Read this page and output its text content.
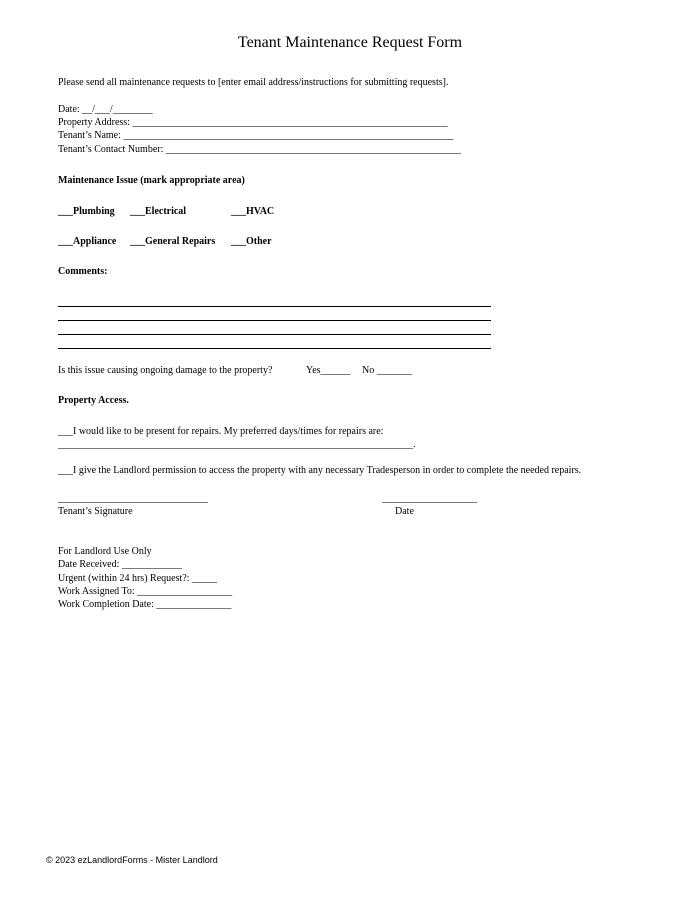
Tenant Maintenance Request Form
Please send all maintenance requests to [enter email address/instructions for submitting requests].
Date: __/___/________
Property Address: _______________________________________________________________
Tenant’s Name: __________________________________________________________________
Tenant’s Contact Number: ___________________________________________________________
Maintenance Issue (mark appropriate area)
___Plumbing ___Electrical	___HVAC
___Appliance ___General Repairs ___Other
Comments:
Is this issue causing ongoing damage to the property?	Yes______ No _______
Property Access.
___I would like to be present for repairs. My preferred days/times for repairs are:
_______________________________________________________________________.
___I give the Landlord permission to access the property with any necessary Tradesperson in order to complete the needed repairs.
______________________________	___________________
Tenant’s Signature	Date
For Landlord Use Only
Date Received: ____________
Urgent (within 24 hrs) Request?: _____
Work Assigned To: ___________________
Work Completion Date: _______________
© 2023 ezLandlordForms - Mister Landlord
